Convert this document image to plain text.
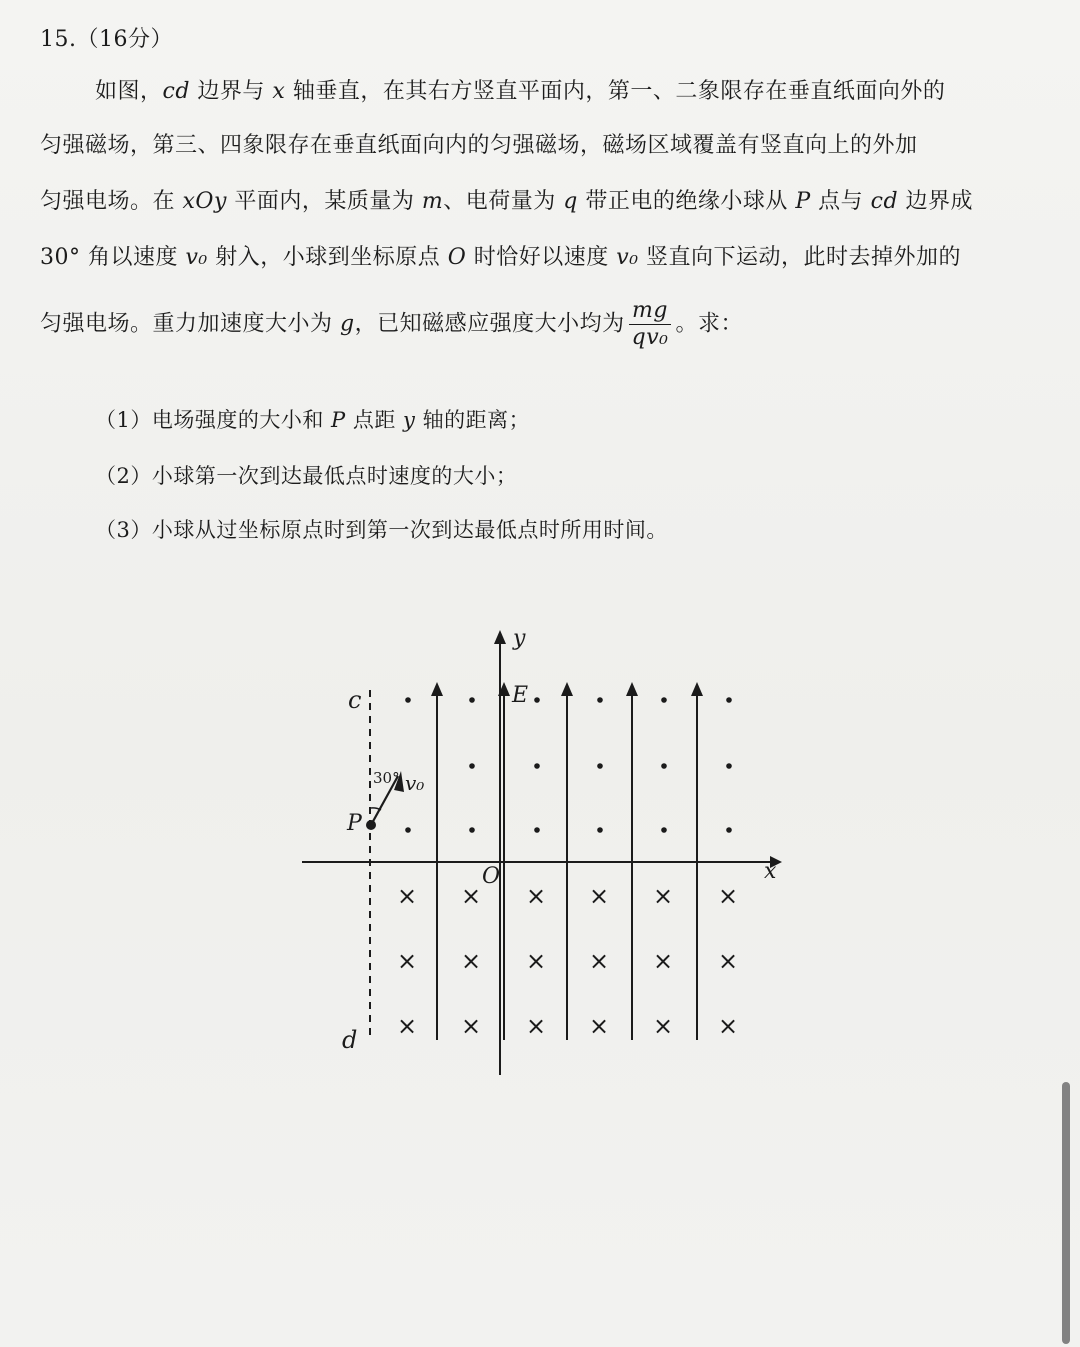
15.（16分）
如图，cd 边界与 x 轴垂直，在其右方竖直平面内，第一、二象限存在垂直纸面向外的
匀强磁场，第三、四象限存在垂直纸面向内的匀强磁场，磁场区域覆盖有竖直向上的外加
匀强电场。在 xOy 平面内，某质量为 m、电荷量为 q 带正电的绝缘小球从 P 点与 cd 边界成
30° 角以速度 v₀ 射入，小球到坐标原点 O 时恰好以速度 v₀ 竖直向下运动，此时去掉外加的
匀强电场。重力加速度大小为 g，已知磁感应强度大小均为 $\frac{mg}{\text{qv₀}}$ 。求：
（1）电场强度的大小和 P 点距 y 轴的距离；
（2）小球第一次到达最低点时速度的大小；
（3）小球从过坐标原点时到第一次到达最低点时所用时间。
× × × × × ×
× × × × × ×
× × × × × ×
y
x
O
E
c
d
P
30° v₀
